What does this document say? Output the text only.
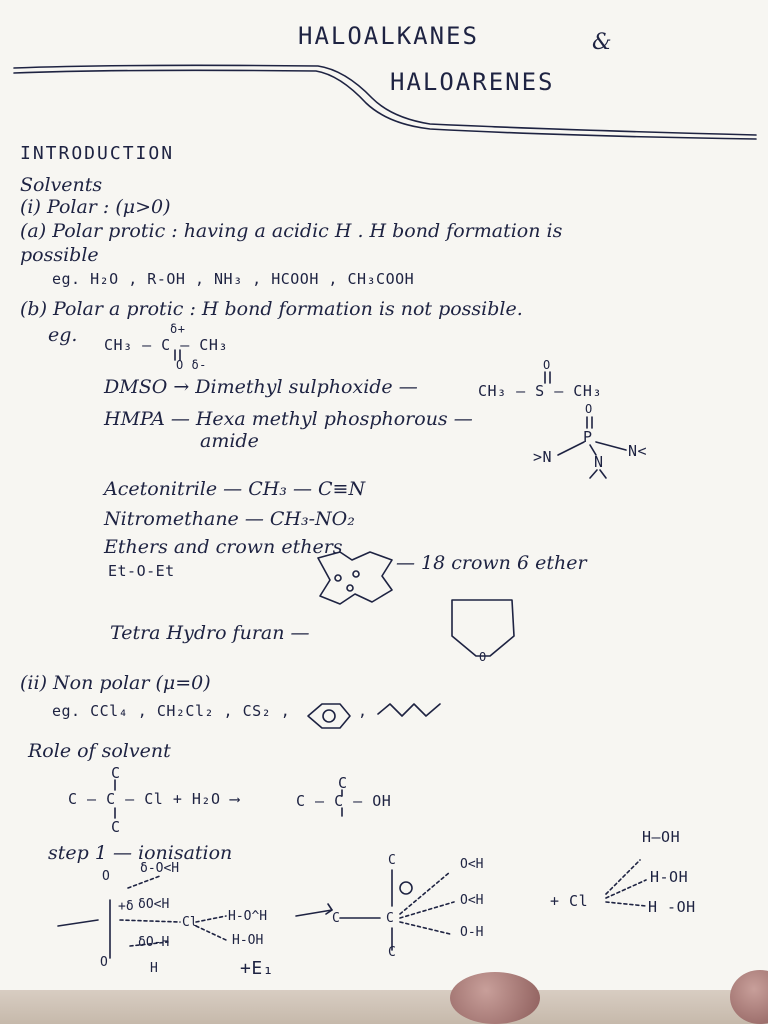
HALOALKANES	&
HALOARENES
INTRODUCTION
Solvents
(i) Polar : (μ>0)
(a) Polar protic : having a acidic H . H bond formation is
possible
eg. H₂O , R-OH , NH₃ , HCOOH , CH₃COOH
(b) Polar a protic : H bond formation is not possible.
eg.	δ+
CH₃ — C — CH₃
O δ-
DMSO → Dimethyl sulphoxide —
O
CH₃ — S — CH₃
HMPA — Hexa methyl phosphorous —
amide
O
P
>N	N<
N
Acetonitrile — CH₃ — C≡N
Nitromethane — CH₃-NO₂
Ethers and crown ethers
Et-O-Et	— 18 crown 6 ether
Tetra Hydro furan —
O
(ii) Non polar (μ=0)
eg. CCl₄ , CH₂Cl₂ , CS₂ ,	,
Role of solvent
C
C
C — C — Cl + H₂O ⟶	C — C — OH
C
step 1 — ionisation
O
δ-O<H
+δ δO<H
Cl H-O^H
δO-H	H-OH
O	H	+E₁
C	C
C
C
O<H
O<H
O-H
+ Cl
H—OH
H-OH
H -OH
